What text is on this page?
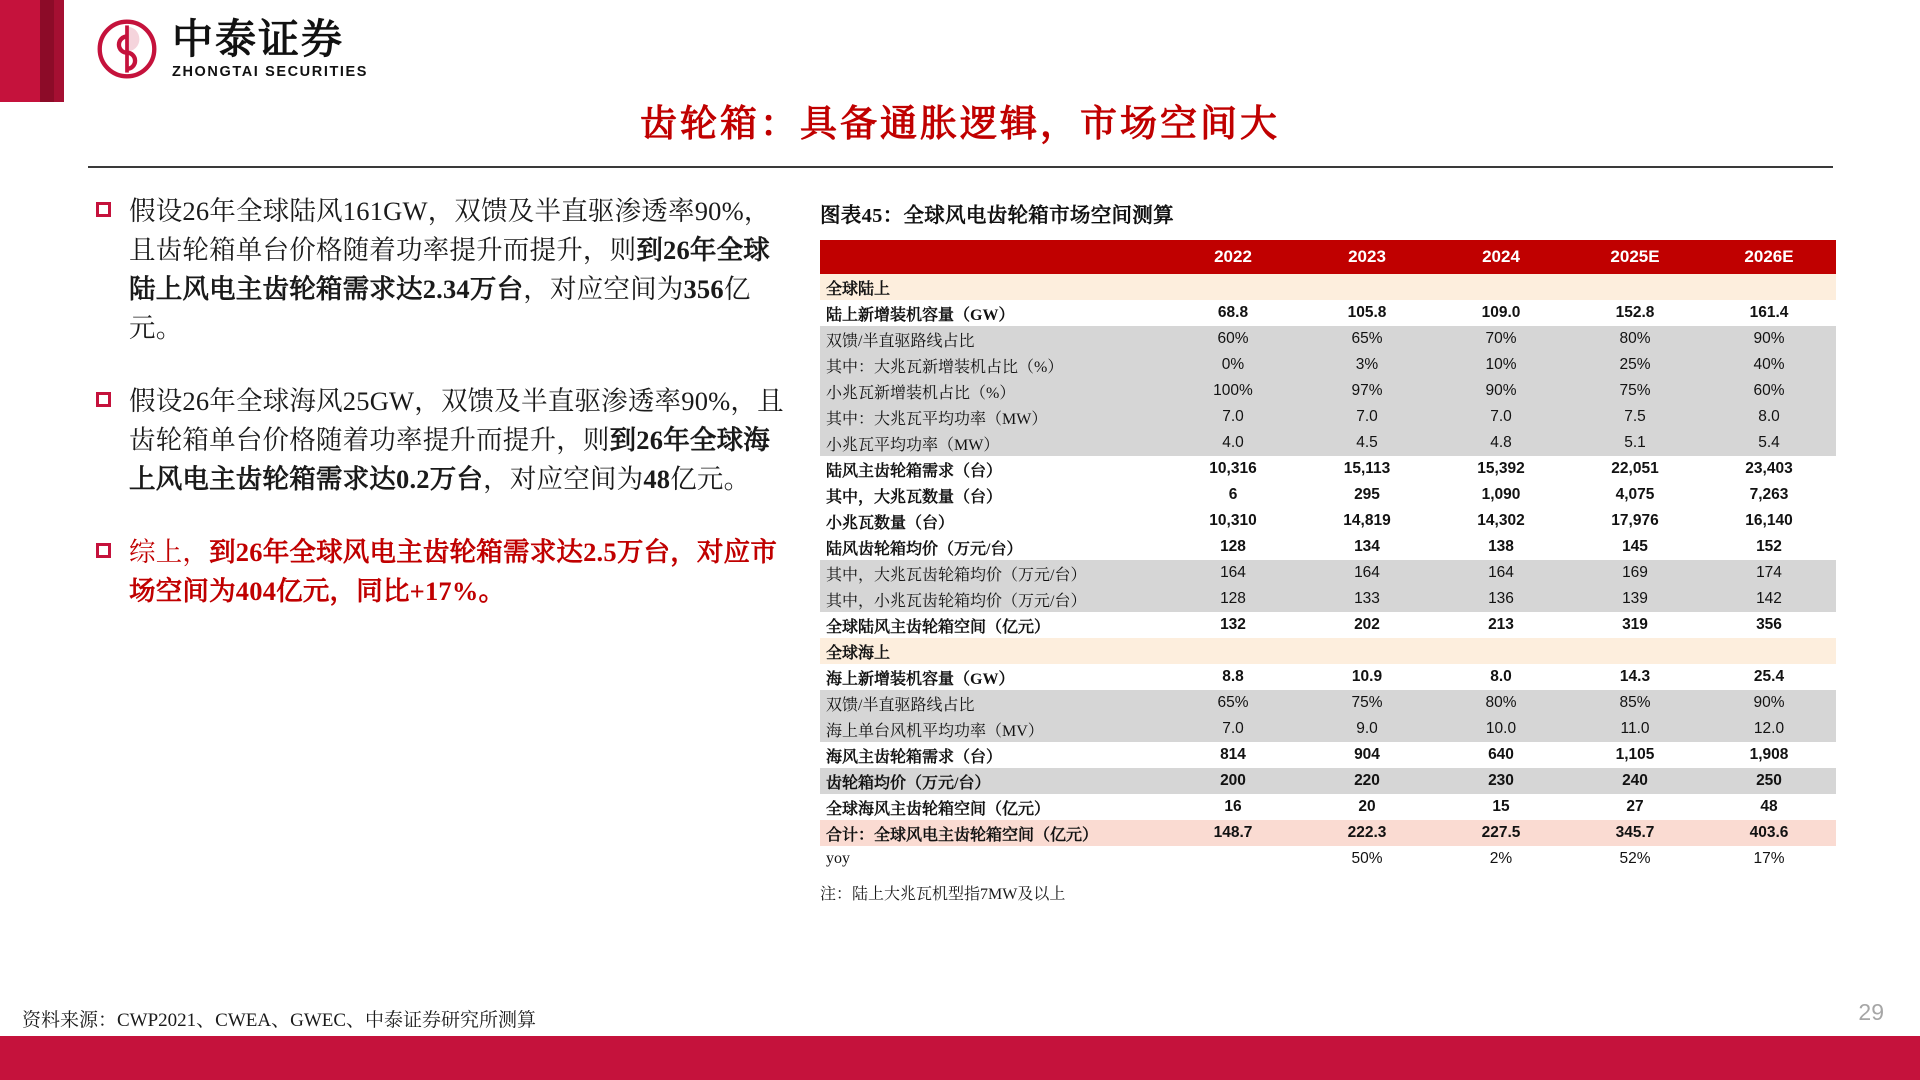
中泰证券
ZHONGTAI SECURITIES
齿轮箱：具备通胀逻辑，市场空间大
假设26年全球陆风161GW，双馈及半直驱渗透率90%，且齿轮箱单台价格随着功率提升而提升，则到26年全球陆上风电主齿轮箱需求达2.34万台，对应空间为356亿元。
假设26年全球海风25GW，双馈及半直驱渗透率90%，且齿轮箱单台价格随着功率提升而提升，则到26年全球海上风电主齿轮箱需求达0.2万台，对应空间为48亿元。
综上，到26年全球风电主齿轮箱需求达2.5万台，对应市场空间为404亿元，同比+17%。
图表45：全球风电齿轮箱市场空间测算
	2022	2023	2024	2025E	2026E
全球陆上					
陆上新增装机容量（GW）	68.8	105.8	109.0	152.8	161.4
双馈/半直驱路线占比	60%	65%	70%	80%	90%
其中：大兆瓦新增装机占比（%）	0%	3%	10%	25%	40%
小兆瓦新增装机占比（%）	100%	97%	90%	75%	60%
其中：大兆瓦平均功率（MW）	7.0	7.0	7.0	7.5	8.0
小兆瓦平均功率（MW）	4.0	4.5	4.8	5.1	5.4
陆风主齿轮箱需求（台）	10,316	15,113	15,392	22,051	23,403
其中，大兆瓦数量（台）	6	295	1,090	4,075	7,263
小兆瓦数量（台）	10,310	14,819	14,302	17,976	16,140
陆风齿轮箱均价（万元/台）	128	134	138	145	152
其中，大兆瓦齿轮箱均价（万元/台）	164	164	164	169	174
其中，小兆瓦齿轮箱均价（万元/台）	128	133	136	139	142
全球陆风主齿轮箱空间（亿元）	132	202	213	319	356
全球海上					
海上新增装机容量（GW）	8.8	10.9	8.0	14.3	25.4
双馈/半直驱路线占比	65%	75%	80%	85%	90%
海上单台风机平均功率（MV）	7.0	9.0	10.0	11.0	12.0
海风主齿轮箱需求（台）	814	904	640	1,105	1,908
齿轮箱均价（万元/台）	200	220	230	240	250
全球海风主齿轮箱空间（亿元）	16	20	15	27	48
合计：全球风电主齿轮箱空间（亿元）	148.7	222.3	227.5	345.7	403.6
yoy		50%	2%	52%	17%
注：陆上大兆瓦机型指7MW及以上
29
资料来源：CWP2021、CWEA、GWEC、中泰证券研究所测算
